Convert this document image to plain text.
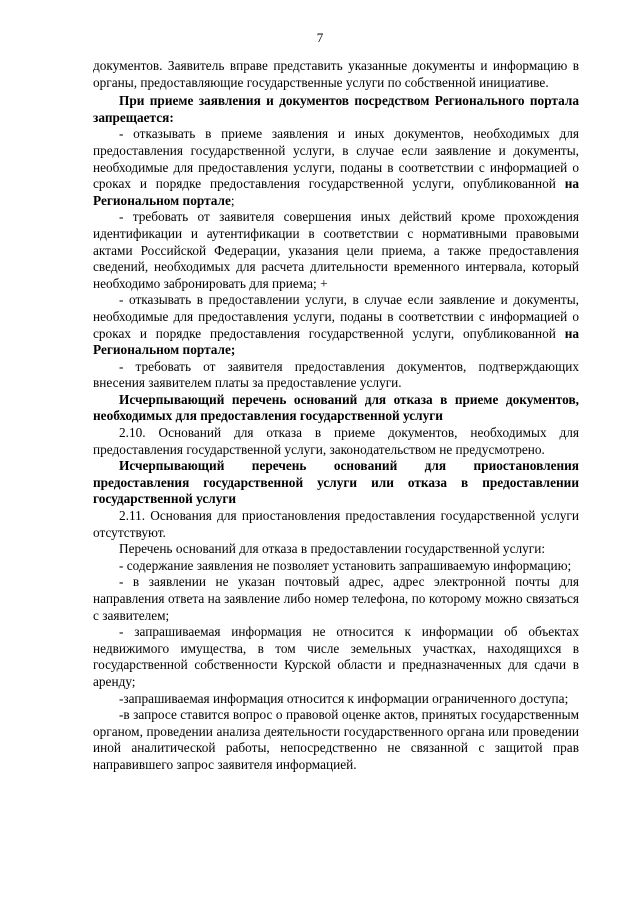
7

документов. Заявитель вправе представить указанные документы и информацию в органы, предоставляющие государственные услуги по собственной инициативе.

При приеме заявления и документов посредством Регионального портала запрещается:

- отказывать в приеме заявления и иных документов, необходимых для предоставления государственной услуги, в случае если заявление и документы, необходимые для предоставления услуги, поданы в соответствии с информацией о сроках и порядке предоставления государственной услуги, опубликованной на Региональном портале;

- требовать от заявителя совершения иных действий кроме прохождения идентификации и аутентификации в соответствии с нормативными правовыми актами Российской Федерации, указания цели приема, а также предоставления сведений, необходимых для расчета длительности временного интервала, который необходимо забронировать для приема; +

- отказывать в предоставлении услуги, в случае если заявление и документы, необходимые для предоставления услуги, поданы в соответствии с информацией о сроках и порядке предоставления государственной услуги, опубликованной на Региональном портале;

- требовать от заявителя предоставления документов, подтверждающих внесения заявителем платы за предоставление услуги.

Исчерпывающий перечень оснований для отказа в приеме документов, необходимых для предоставления государственной услуги

2.10. Оснований для отказа в приеме документов, необходимых для предоставления государственной услуги, законодательством не предусмотрено.

Исчерпывающий перечень оснований для приостановления предоставления государственной услуги или отказа в предоставлении государственной услуги

2.11. Основания для приостановления предоставления государственной услуги отсутствуют.

Перечень оснований для отказа в предоставлении государственной услуги:

- содержание заявления не позволяет установить запрашиваемую информацию;

- в заявлении не указан почтовый адрес, адрес электронной почты для направления ответа на заявление либо номер телефона, по которому можно связаться с заявителем;

- запрашиваемая информация не относится к информации об объектах недвижимого имущества, в том числе земельных участках, находящихся в государственной собственности Курской области и предназначенных для сдачи в аренду;

-запрашиваемая информация относится к информации ограниченного доступа;

-в запросе ставится вопрос о правовой оценке актов, принятых государственным органом, проведении анализа деятельности государственного органа или проведении иной аналитической работы, непосредственно не связанной с защитой прав направившего запрос заявителя информацией.
